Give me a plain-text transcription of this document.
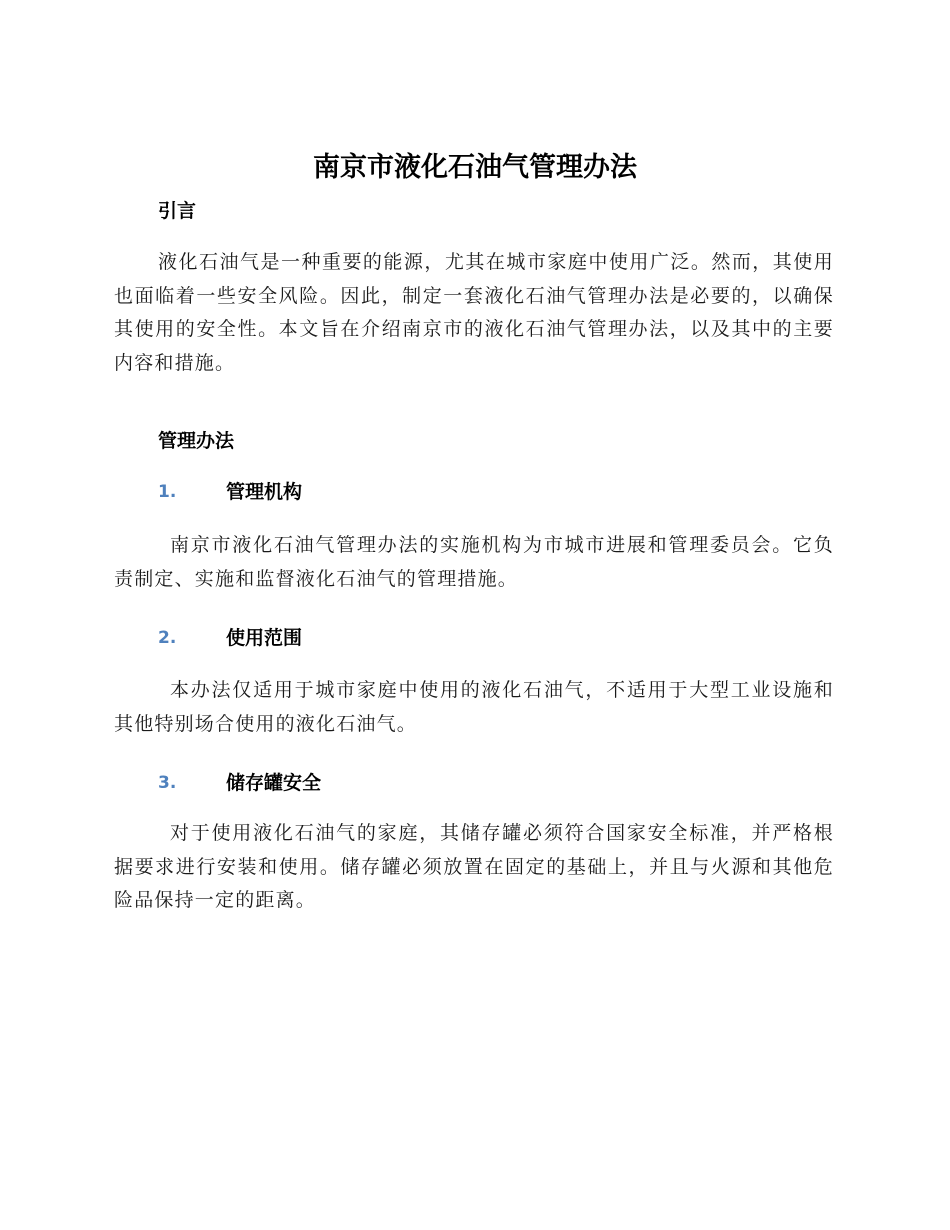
南京市液化石油气管理办法
引言
液化石油气是一种重要的能源，尤其在城市家庭中使用广泛。然而，其使用也面临着一些安全风险。因此，制定一套液化石油气管理办法是必要的，以确保其使用的安全性。本文旨在介绍南京市的液化石油气管理办法，以及其中的主要内容和措施。
管理办法
1.	管理机构
南京市液化石油气管理办法的实施机构为市城市进展和管理委员会。它负责制定、实施和监督液化石油气的管理措施。
2.	使用范围
本办法仅适用于城市家庭中使用的液化石油气，不适用于大型工业设施和其他特别场合使用的液化石油气。
3.	储存罐安全
对于使用液化石油气的家庭，其储存罐必须符合国家安全标准，并严格根据要求进行安装和使用。储存罐必须放置在固定的基础上，并且与火源和其他危险品保持一定的距离。
